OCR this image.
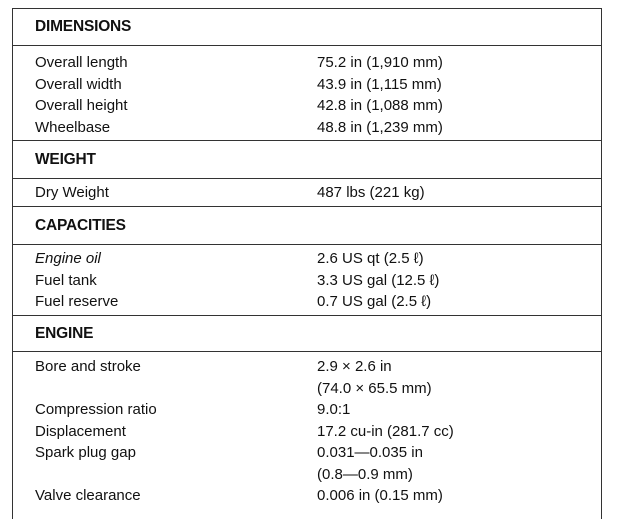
DIMENSIONS
Overall length	75.2 in (1,910 mm)
Overall width	43.9 in (1,115 mm)
Overall height	42.8 in (1,088 mm)
Wheelbase	48.8 in (1,239 mm)
WEIGHT
Dry Weight	487 lbs (221 kg)
CAPACITIES
Engine oil	2.6 US qt (2.5 ℓ)
Fuel tank	3.3 US gal (12.5 ℓ)
Fuel reserve	0.7 US gal (2.5 ℓ)
ENGINE
Bore and stroke	2.9 × 2.6 in
(74.0 × 65.5 mm)
Compression ratio	9.0:1
Displacement	17.2 cu-in (281.7 cc)
Spark plug gap	0.031—0.035 in
(0.8—0.9 mm)
Valve clearance	0.006 in (0.15 mm)
